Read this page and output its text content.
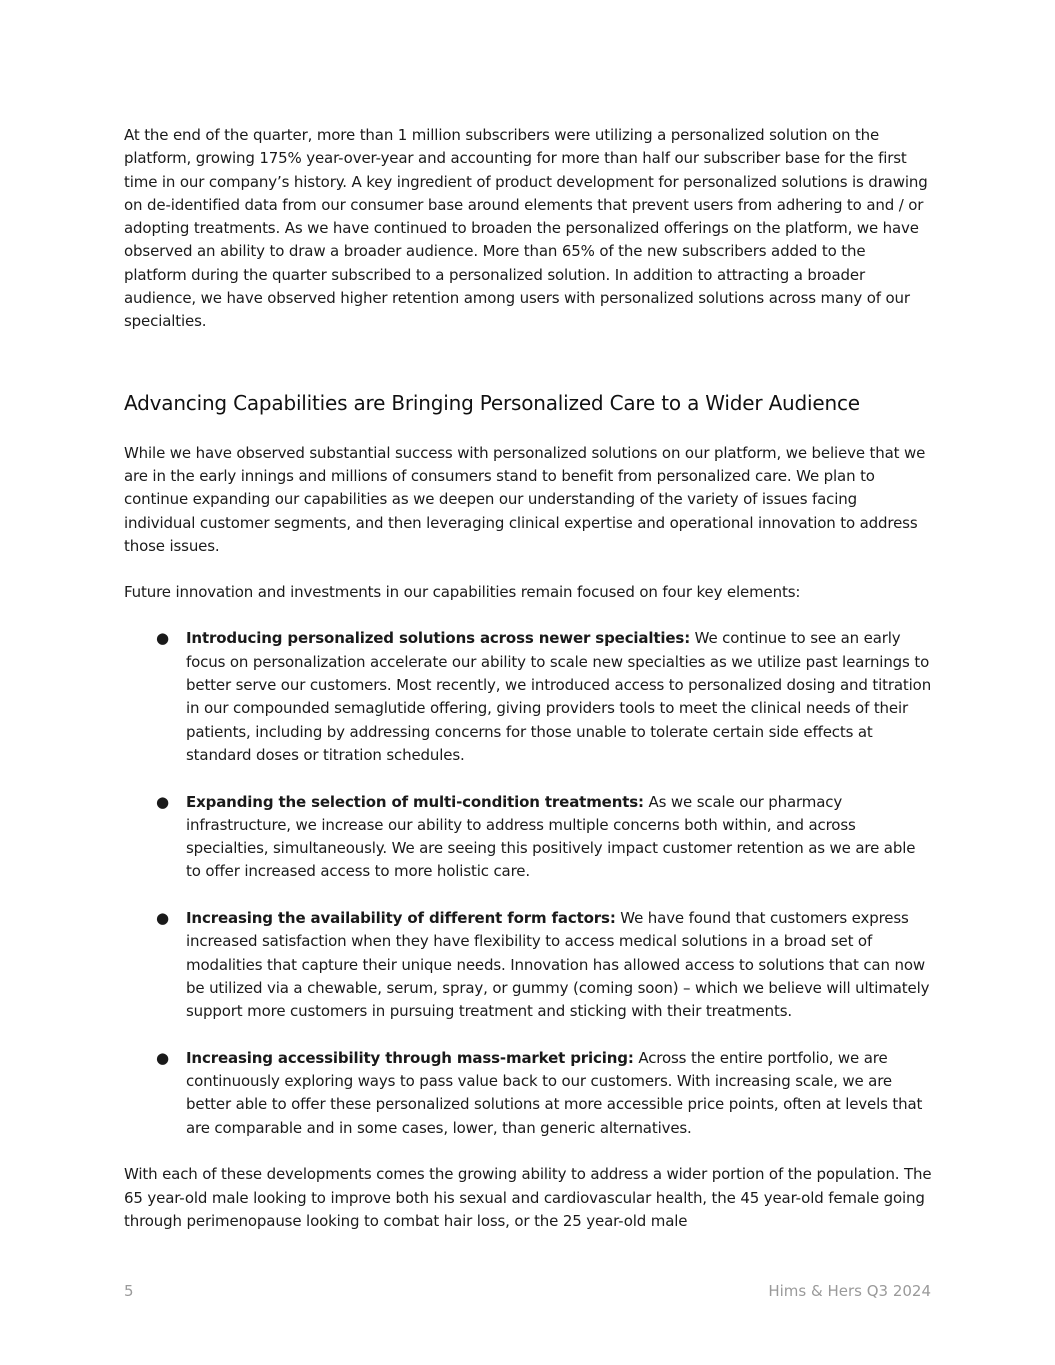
At the end of the quarter, more than 1 million subscribers were utilizing a personalized solution on the platform, growing 175% year-over-year and accounting for more than half our subscriber base for the first time in our company’s history. A key ingredient of product development for personalized solutions is drawing on de-identified data from our consumer base around elements that prevent users from adhering to and / or adopting treatments. As we have continued to broaden the personalized offerings on the platform, we have observed an ability to draw a broader audience. More than 65% of the new subscribers added to the platform during the quarter subscribed to a personalized solution. In addition to attracting a broader audience, we have observed higher retention among users with personalized solutions across many of our specialties.

Advancing Capabilities are Bringing Personalized Care to a Wider Audience

While we have observed substantial success with personalized solutions on our platform, we believe that we are in the early innings and millions of consumers stand to benefit from personalized care. We plan to continue expanding our capabilities as we deepen our understanding of the variety of issues facing individual customer segments, and then leveraging clinical expertise and operational innovation to address those issues.

Future innovation and investments in our capabilities remain focused on four key elements:

● Introducing personalized solutions across newer specialties: We continue to see an early focus on personalization accelerate our ability to scale new specialties as we utilize past learnings to better serve our customers. Most recently, we introduced access to personalized dosing and titration in our compounded semaglutide offering, giving providers tools to meet the clinical needs of their patients, including by addressing concerns for those unable to tolerate certain side effects at standard doses or titration schedules.
● Expanding the selection of multi-condition treatments: As we scale our pharmacy infrastructure, we increase our ability to address multiple concerns both within, and across specialties, simultaneously. We are seeing this positively impact customer retention as we are able to offer increased access to more holistic care.
● Increasing the availability of different form factors: We have found that customers express increased satisfaction when they have flexibility to access medical solutions in a broad set of modalities that capture their unique needs. Innovation has allowed access to solutions that can now be utilized via a chewable, serum, spray, or gummy (coming soon) – which we believe will ultimately support more customers in pursuing treatment and sticking with their treatments.
● Increasing accessibility through mass-market pricing: Across the entire portfolio, we are continuously exploring ways to pass value back to our customers. With increasing scale, we are better able to offer these personalized solutions at more accessible price points, often at levels that are comparable and in some cases, lower, than generic alternatives.

With each of these developments comes the growing ability to address a wider portion of the population. The 65 year-old male looking to improve both his sexual and cardiovascular health, the 45 year-old female going through perimenopause looking to combat hair loss, or the 25 year-old male

5	Hims & Hers Q3 2024
